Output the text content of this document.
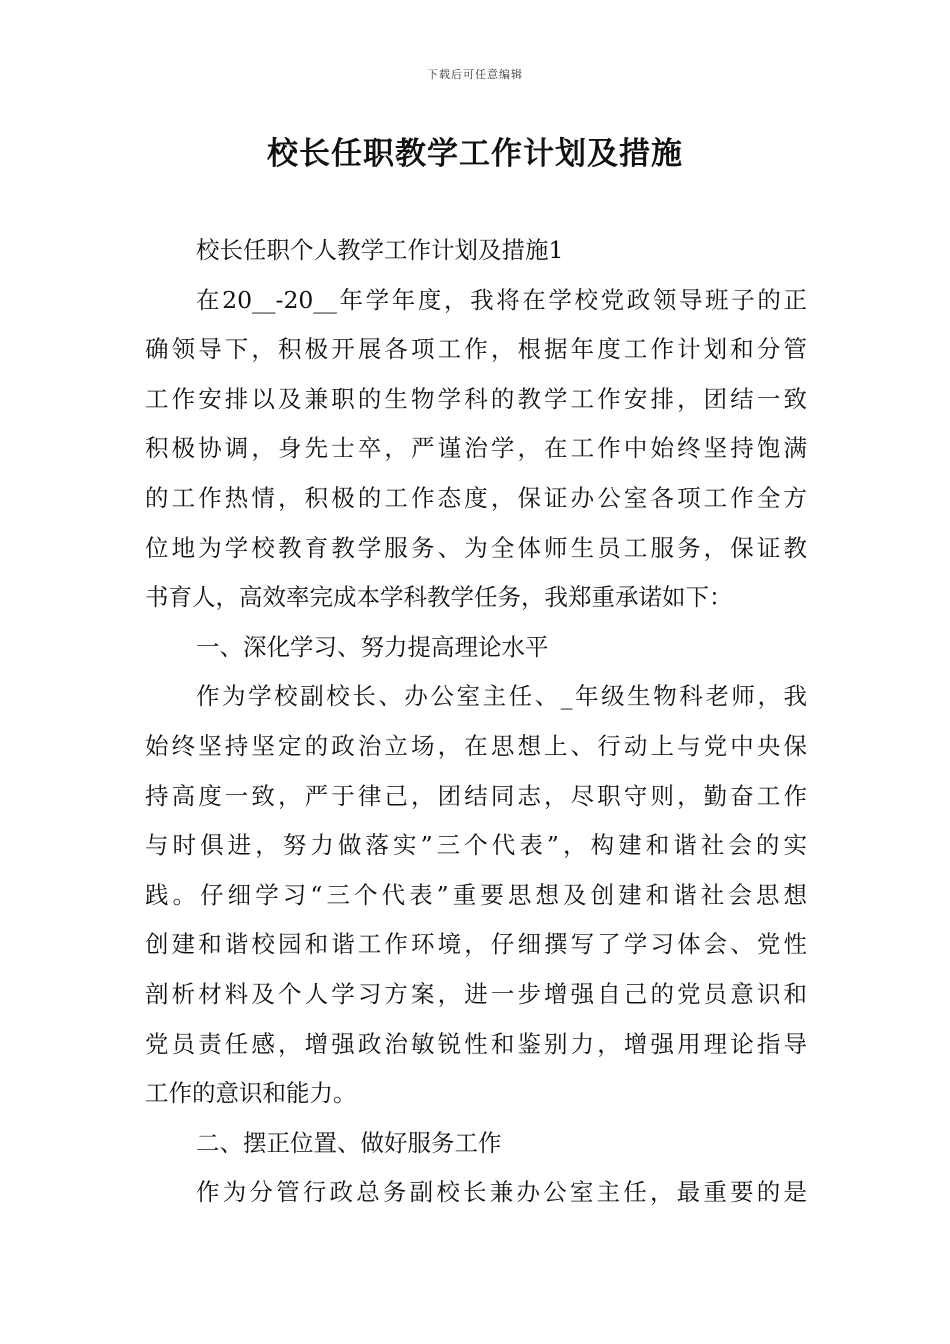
下载后可任意编辑
校长任职教学工作计划及措施
校长任职个人教学工作计划及措施1
在20__-20__年学年度，我将在学校党政领导班子的正
确领导下，积极开展各项工作，根据年度工作计划和分管
工作安排以及兼职的生物学科的教学工作安排，团结一致
积极协调，身先士卒，严谨治学，在工作中始终坚持饱满
的工作热情，积极的工作态度，保证办公室各项工作全方
位地为学校教育教学服务、为全体师生员工服务，保证教
书育人，高效率完成本学科教学任务，我郑重承诺如下：
一、深化学习、努力提高理论水平
作为学校副校长、办公室主任、_年级生物科老师，我
始终坚持坚定的政治立场，在思想上、行动上与党中央保
持高度一致，严于律己，团结同志，尽职守则，勤奋工作
与时俱进，努力做落实”三个代表”，构建和谐社会的实
践。仔细学习“三个代表”重要思想及创建和谐社会思想
创建和谐校园和谐工作环境，仔细撰写了学习体会、党性
剖析材料及个人学习方案，进一步增强自己的党员意识和
党员责任感，增强政治敏锐性和鉴别力，增强用理论指导
工作的意识和能力。
二、摆正位置、做好服务工作
作为分管行政总务副校长兼办公室主任，最重要的是
